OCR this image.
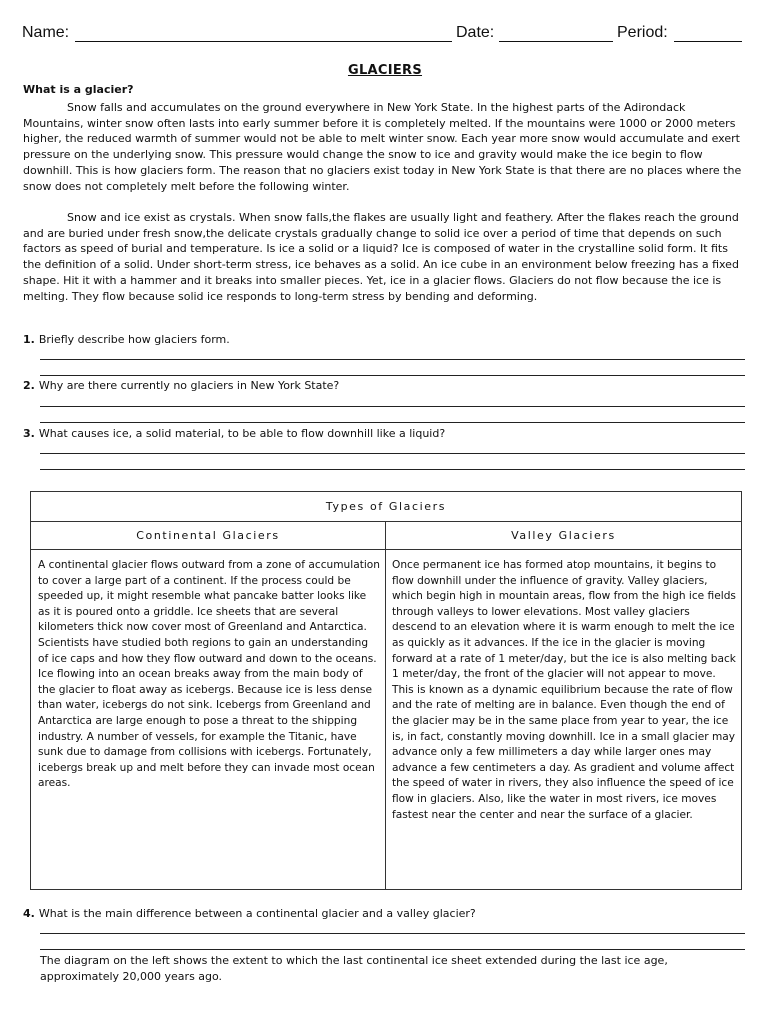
Name:	Date:	Period:
GLACIERS
What is a glacier?
Snow falls and accumulates on the ground everywhere in New York State. In the highest parts of the Adirondack Mountains, winter snow often lasts into early summer before it is completely melted. If the mountains were 1000 or 2000 meters higher, the reduced warmth of summer would not be able to melt winter snow. Each year more snow would accumulate and exert pressure on the underlying snow. This pressure would change the snow to ice and gravity would make the ice begin to flow downhill. This is how glaciers form. The reason that no glaciers exist today in New York State is that there are no places where the snow does not completely melt before the following winter.
Snow and ice exist as crystals. When snow falls,the flakes are usually light and feathery. After the flakes reach the ground and are buried under fresh snow,the delicate crystals gradually change to solid ice over a period of time that depends on such factors as speed of burial and temperature. Is ice a solid or a liquid? Ice is composed of water in the crystalline solid form. It fits the definition of a solid. Under short-term stress, ice behaves as a solid. An ice cube in an environment below freezing has a fixed shape. Hit it with a hammer and it breaks into smaller pieces. Yet, ice in a glacier flows. Glaciers do not flow because the ice is melting. They flow because solid ice responds to long-term stress by bending and deforming.
1. Briefly describe how glaciers form.
2. Why are there currently no glaciers in New York State?
3. What causes ice, a solid material, to be able to flow downhill like a liquid?
Types of Glaciers
Continental Glaciers	Valley Glaciers
A continental glacier flows outward from a zone of accumulation to cover a large part of a continent. If the process could be speeded up, it might resemble what pancake batter looks like as it is poured onto a griddle. Ice sheets that are several kilometers thick now cover most of Greenland and Antarctica. Scientists have studied both regions to gain an understanding of ice caps and how they flow outward and down to the oceans. Ice flowing into an ocean breaks away from the main body of the glacier to float away as icebergs. Because ice is less dense than water, icebergs do not sink. Icebergs from Greenland and Antarctica are large enough to pose a threat to the shipping industry. A number of vessels, for example the Titanic, have sunk due to damage from collisions with icebergs. Fortunately, icebergs break up and melt before they can invade most ocean areas.
Once permanent ice has formed atop mountains, it begins to flow downhill under the influence of gravity. Valley glaciers, which begin high in mountain areas, flow from the high ice fields through valleys to lower elevations. Most valley glaciers descend to an elevation where it is warm enough to melt the ice as quickly as it advances. If the ice in the glacier is moving forward at a rate of 1 meter/day, but the ice is also melting back 1 meter/day, the front of the glacier will not appear to move. This is known as a dynamic equilibrium because the rate of flow and the rate of melting are in balance. Even though the end of the glacier may be in the same place from year to year, the ice is, in fact, constantly moving downhill. Ice in a small glacier may advance only a few millimeters a day while larger ones may advance a few centimeters a day. As gradient and volume affect the speed of water in rivers, they also influence the speed of ice flow in glaciers. Also, like the water in most rivers, ice moves fastest near the center and near the surface of a glacier.
4. What is the main difference between a continental glacier and a valley glacier?
The diagram on the left shows the extent to which the last continental ice sheet extended during the last ice age, approximately 20,000 years ago.
